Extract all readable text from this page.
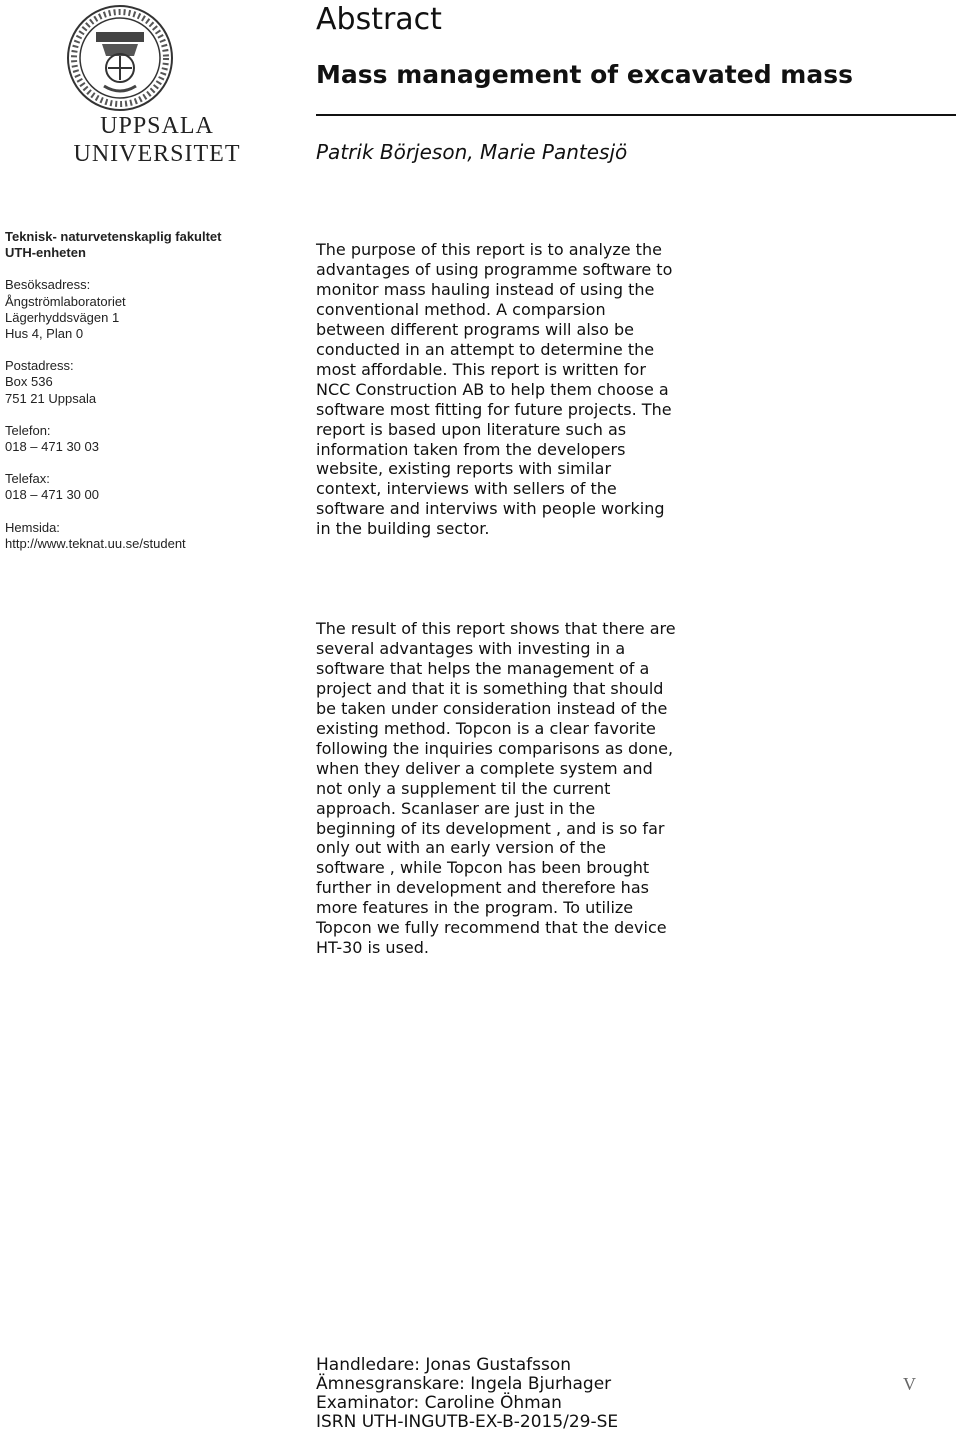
UPPSALA
UNIVERSITET
Abstract
Mass management of excavated mass
Patrik Börjeson, Marie Pantesjö
Teknisk- naturvetenskaplig fakultet
UTH-enheten
Besöksadress:
Ångströmlaboratoriet
Lägerhyddsvägen 1
Hus 4, Plan 0
Postadress:
Box 536
751 21 Uppsala
Telefon:
018 – 471 30 03
Telefax:
018 – 471 30 00
Hemsida:
http://www.teknat.uu.se/student

The purpose of this report is to analyze the advantages of using programme software to monitor mass hauling instead of using the conventional method. A comparsion between different programs will also be conducted in an attempt to determine the most affordable. This report is written for NCC Construction AB to help them choose a software most fitting for future projects. The report is based upon literature such as information taken from the developers website, existing reports with similar context, interviews with sellers of the software and interviws with people working in the building sector.

The result of this report shows that there are several advantages with investing in a software that helps the management of a project and that it is something that should be taken under consideration instead of the existing method. Topcon is a clear favorite following the inquiries comparisons as done, when they deliver a complete system and not only a supplement til the current approach. Scanlaser are just in the beginning of its development , and is so far only out with an early version of the software , while Topcon has been brought further in development and therefore has more features in the program. To utilize Topcon we fully recommend that the device HT-30 is used.

Handledare: Jonas Gustafsson
Ämnesgranskare: Ingela Bjurhager
Examinator: Caroline Öhman
ISRN UTH-INGUTB-EX-B-2015/29-SE
V
